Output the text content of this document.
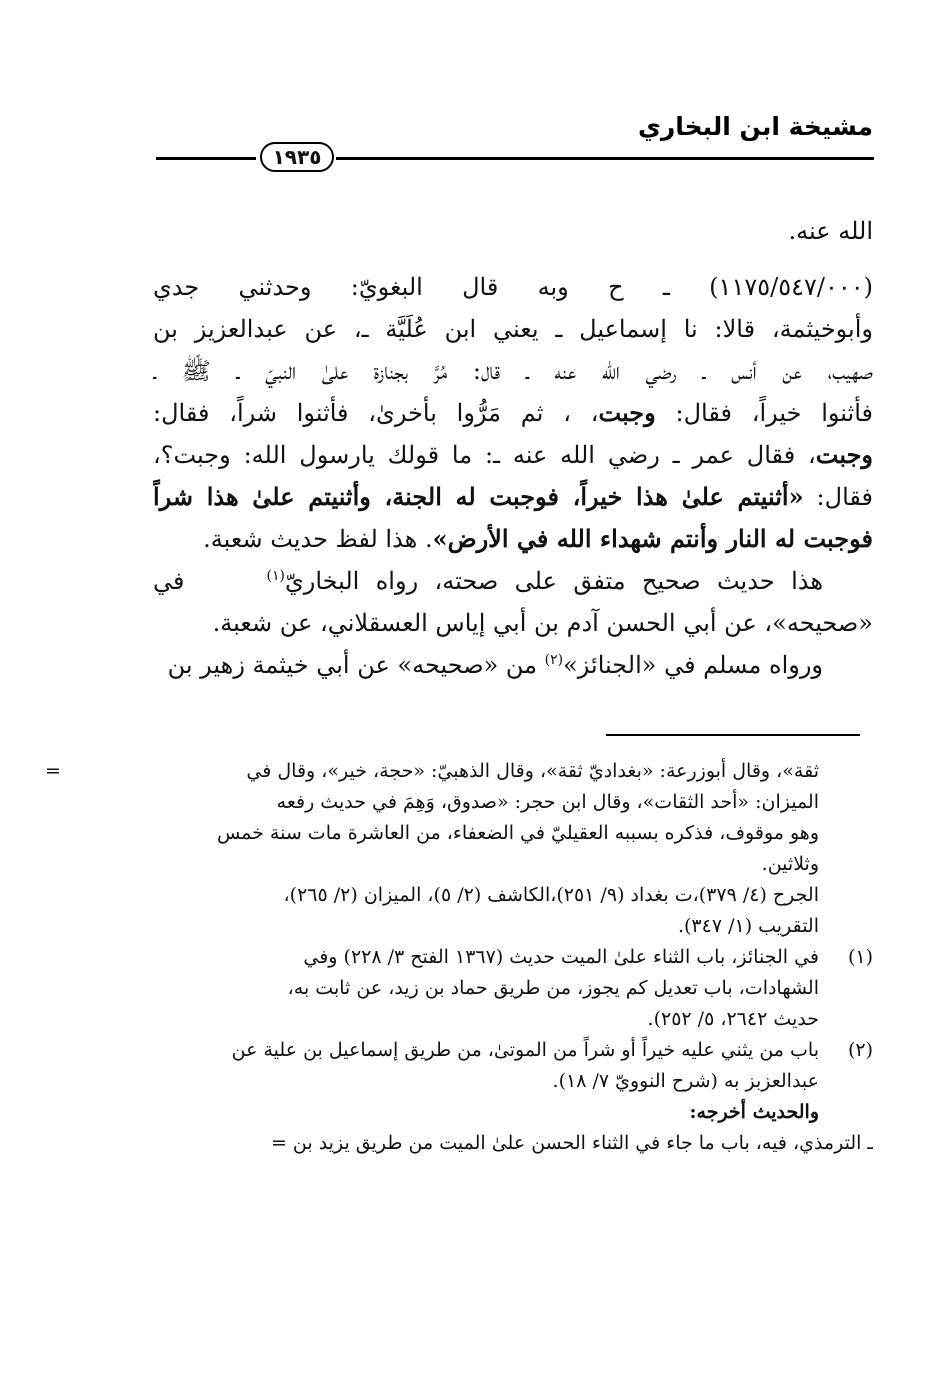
مشيخة ابن البخاري
١٩٣٥
الله عنه.
(١١٧٥/٥٤٧/٠٠٠) ـ ح وبه قال البغويّ: وحدثني جدي
وأبوخيثمة، قالا: نا إسماعيل ـ يعني ابن عُلَيَّة ـ، عن عبدالعزيز بن
صهيب، عن أنس ـ رضي الله عنه ـ قال: مُرَّ بجنازة علىٰ النبيّ ـ ﷺ ـ
فأثنوا خيراً، فقال: وجبت، ، ثم مَرُّوا بأخرىٰ، فأثنوا شراً، فقال:
وجبت، فقال عمر ـ رضي الله عنه ـ: ما قولك يارسول الله: وجبت؟،
فقال: «أثنيتم علىٰ هذا خيراً، فوجبت له الجنة، وأثنيتم علىٰ هذا شراً
فوجبت له النار وأنتم شهداء الله في الأرض». هذا لفظ حديث شعبة.
هذا حديث صحيح متفق على صحته، رواه البخاريّ$^{(١)}$     في
«صحيحه»، عن أبي الحسن آدم بن أبي إياس العسقلاني، عن شعبة.
ورواه مسلم في «الجنائز»$^{(٢)}$ من «صحيحه» عن أبي خيثمة زهير بن
=	ثقة»، وقال أبوزرعة: «بغداديّ ثقة»، وقال الذهبيّ: «حجة، خير»، وقال في
الميزان: «أحد الثقات»، وقال ابن حجر: «صدوق، وَهِمَ في حديث رفعه
وهو موقوف، فذكره بسببه العقيليّ في الضعفاء، من العاشرة مات سنة خمس
وثلاثين.
الجرح (٤/ ٣٧٩)،ت بغداد (٩/ ٢٥١)،الكاشف (٢/ ٥)، الميزان (٢/ ٢٦٥)،
التقريب (١/ ٣٤٧).
(١)
في الجنائز، باب الثناء علىٰ الميت حديث (١٣٦٧ الفتح ٣/ ٢٢٨) وفي
الشهادات، باب تعديل كم يجوز، من طريق حماد بن زيد، عن ثابت به،
حديث ٢٦٤٢، ٥/ ٢٥٢).
(٢)
باب من يثني عليه خيراً أو شراً من الموتىٰ، من طريق إسماعيل بن علية عن
عبدالعزبز به (شرح النوويّ ٧/ ١٨).
والحديث أخرجه:
ـ الترمذي، فيه، باب ما جاء في الثناء الحسن علىٰ الميت من طريق يزيد بن =
